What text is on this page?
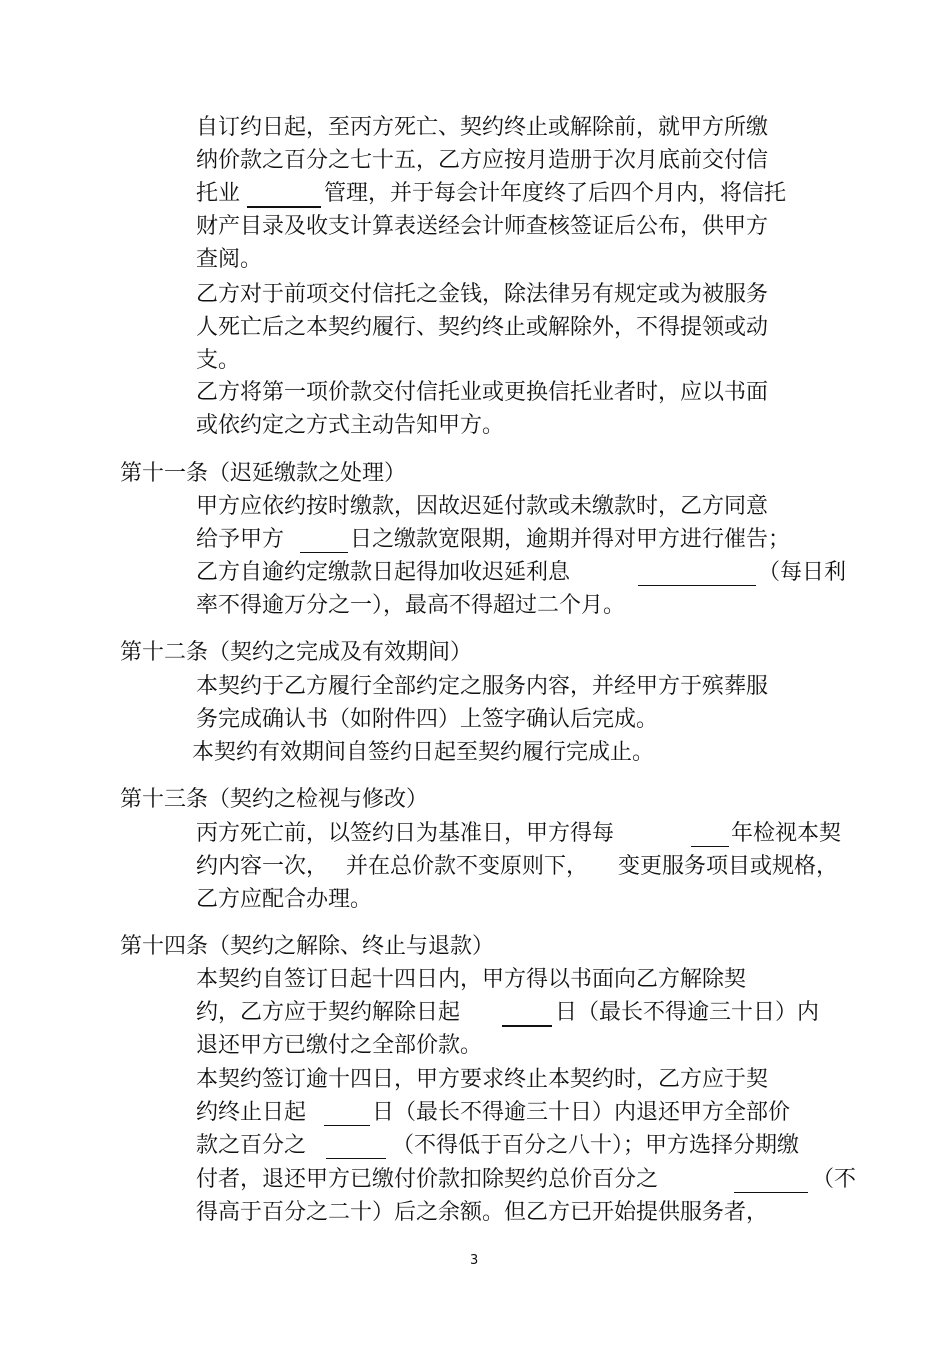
自订约日起，至丙方死亡、契约终止或解除前，就甲方所缴
纳价款之百分之七十五，乙方应按月造册于次月底前交付信
托业	管理，并于每会计年度终了后四个月内，将信托
财产目录及收支计算表送经会计师查核签证后公布，供甲方
查阅。
乙方对于前项交付信托之金钱，除法律另有规定或为被服务
人死亡后之本契约履行、契约终止或解除外，不得提领或动
支。
乙方将第一项价款交付信托业或更换信托业者时，应以书面
或依约定之方式主动告知甲方。
第十一条（迟延缴款之处理）
甲方应依约按时缴款，因故迟延付款或未缴款时，乙方同意
给予甲方	日之缴款宽限期，逾期并得对甲方进行催告；
乙方自逾约定缴款日起得加收迟延利息	（每日利
率不得逾万分之一），最高不得超过二个月。
第十二条（契约之完成及有效期间）
本契约于乙方履行全部约定之服务内容，并经甲方于殡葬服
务完成确认书（如附件四）上签字确认后完成。
本契约有效期间自签约日起至契约履行完成止。
第十三条（契约之检视与修改）
丙方死亡前，以签约日为基准日，甲方得每	年检视本契
约内容一次， 并在总价款不变原则下， 变更服务项目或规格，
乙方应配合办理。
第十四条（契约之解除、终止与退款）
本契约自签订日起十四日内，甲方得以书面向乙方解除契
约，乙方应于契约解除日起	日（最长不得逾三十日）内
退还甲方已缴付之全部价款。
本契约签订逾十四日，甲方要求终止本契约时，乙方应于契
约终止日起	日（最长不得逾三十日）内退还甲方全部价
款之百分之	（不得低于百分之八十）；甲方选择分期缴
付者，退还甲方已缴付价款扣除契约总价百分之	（不
得高于百分之二十）后之余额。但乙方已开始提供服务者，
3
